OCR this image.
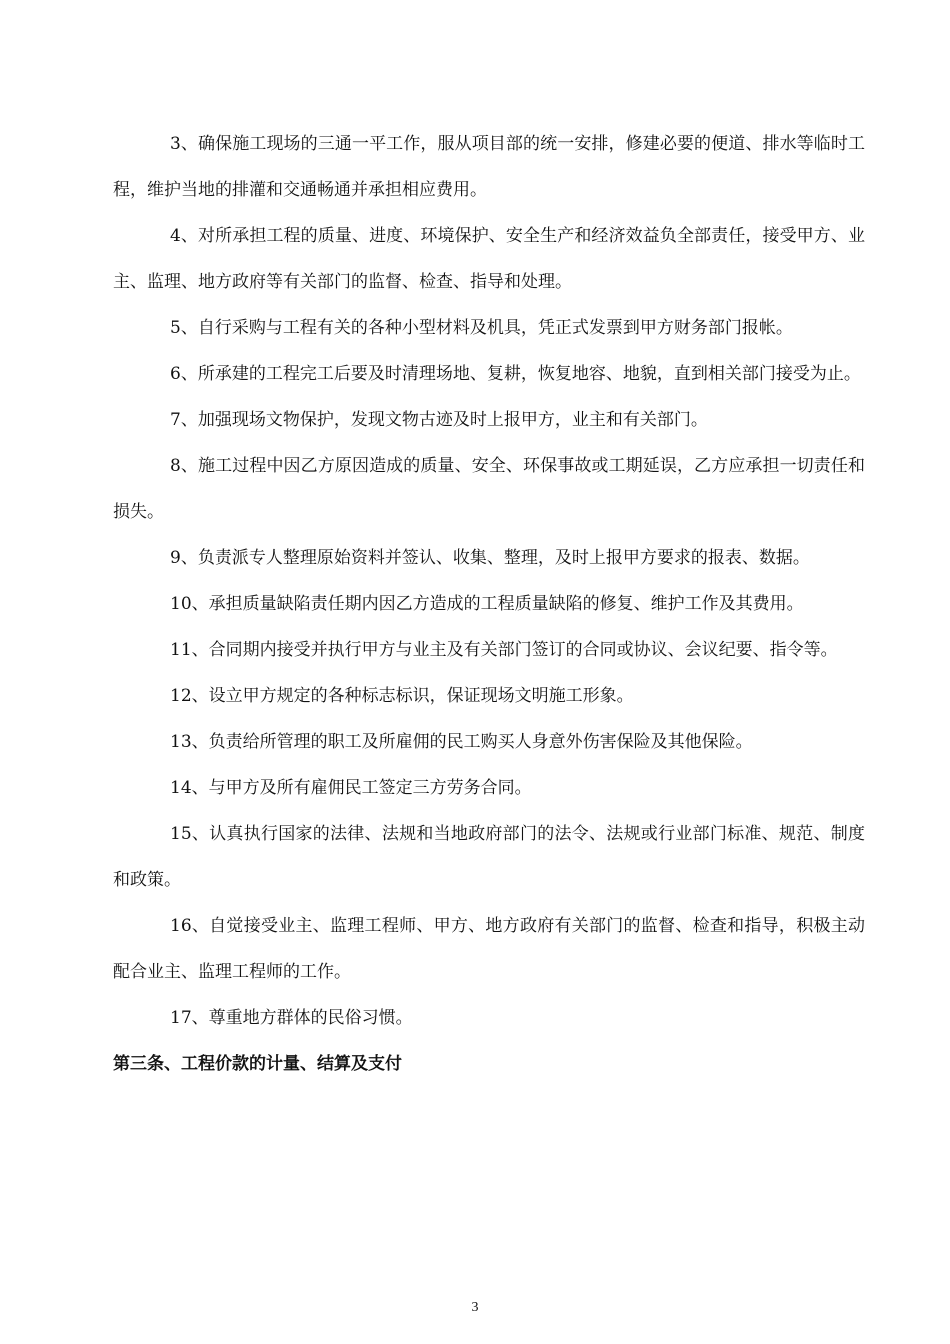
3、确保施工现场的三通一平工作，服从项目部的统一安排，修建必要的便道、排水等临时工程，维护当地的排灌和交通畅通并承担相应费用。

4、对所承担工程的质量、进度、环境保护、安全生产和经济效益负全部责任，接受甲方、业主、监理、地方政府等有关部门的监督、检查、指导和处理。

5、自行采购与工程有关的各种小型材料及机具，凭正式发票到甲方财务部门报帐。

6、所承建的工程完工后要及时清理场地、复耕，恢复地容、地貌，直到相关部门接受为止。

7、加强现场文物保护，发现文物古迹及时上报甲方，业主和有关部门。

8、施工过程中因乙方原因造成的质量、安全、环保事故或工期延误，乙方应承担一切责任和损失。

9、负责派专人整理原始资料并签认、收集、整理，及时上报甲方要求的报表、数据。

10、承担质量缺陷责任期内因乙方造成的工程质量缺陷的修复、维护工作及其费用。

11、合同期内接受并执行甲方与业主及有关部门签订的合同或协议、会议纪要、指令等。

12、设立甲方规定的各种标志标识，保证现场文明施工形象。

13、负责给所管理的职工及所雇佣的民工购买人身意外伤害保险及其他保险。

14、与甲方及所有雇佣民工签定三方劳务合同。

15、认真执行国家的法律、法规和当地政府部门的法令、法规或行业部门标准、规范、制度和政策。

16、自觉接受业主、监理工程师、甲方、地方政府有关部门的监督、检查和指导，积极主动配合业主、监理工程师的工作。

17、尊重地方群体的民俗习惯。

第三条、工程价款的计量、结算及支付

3
